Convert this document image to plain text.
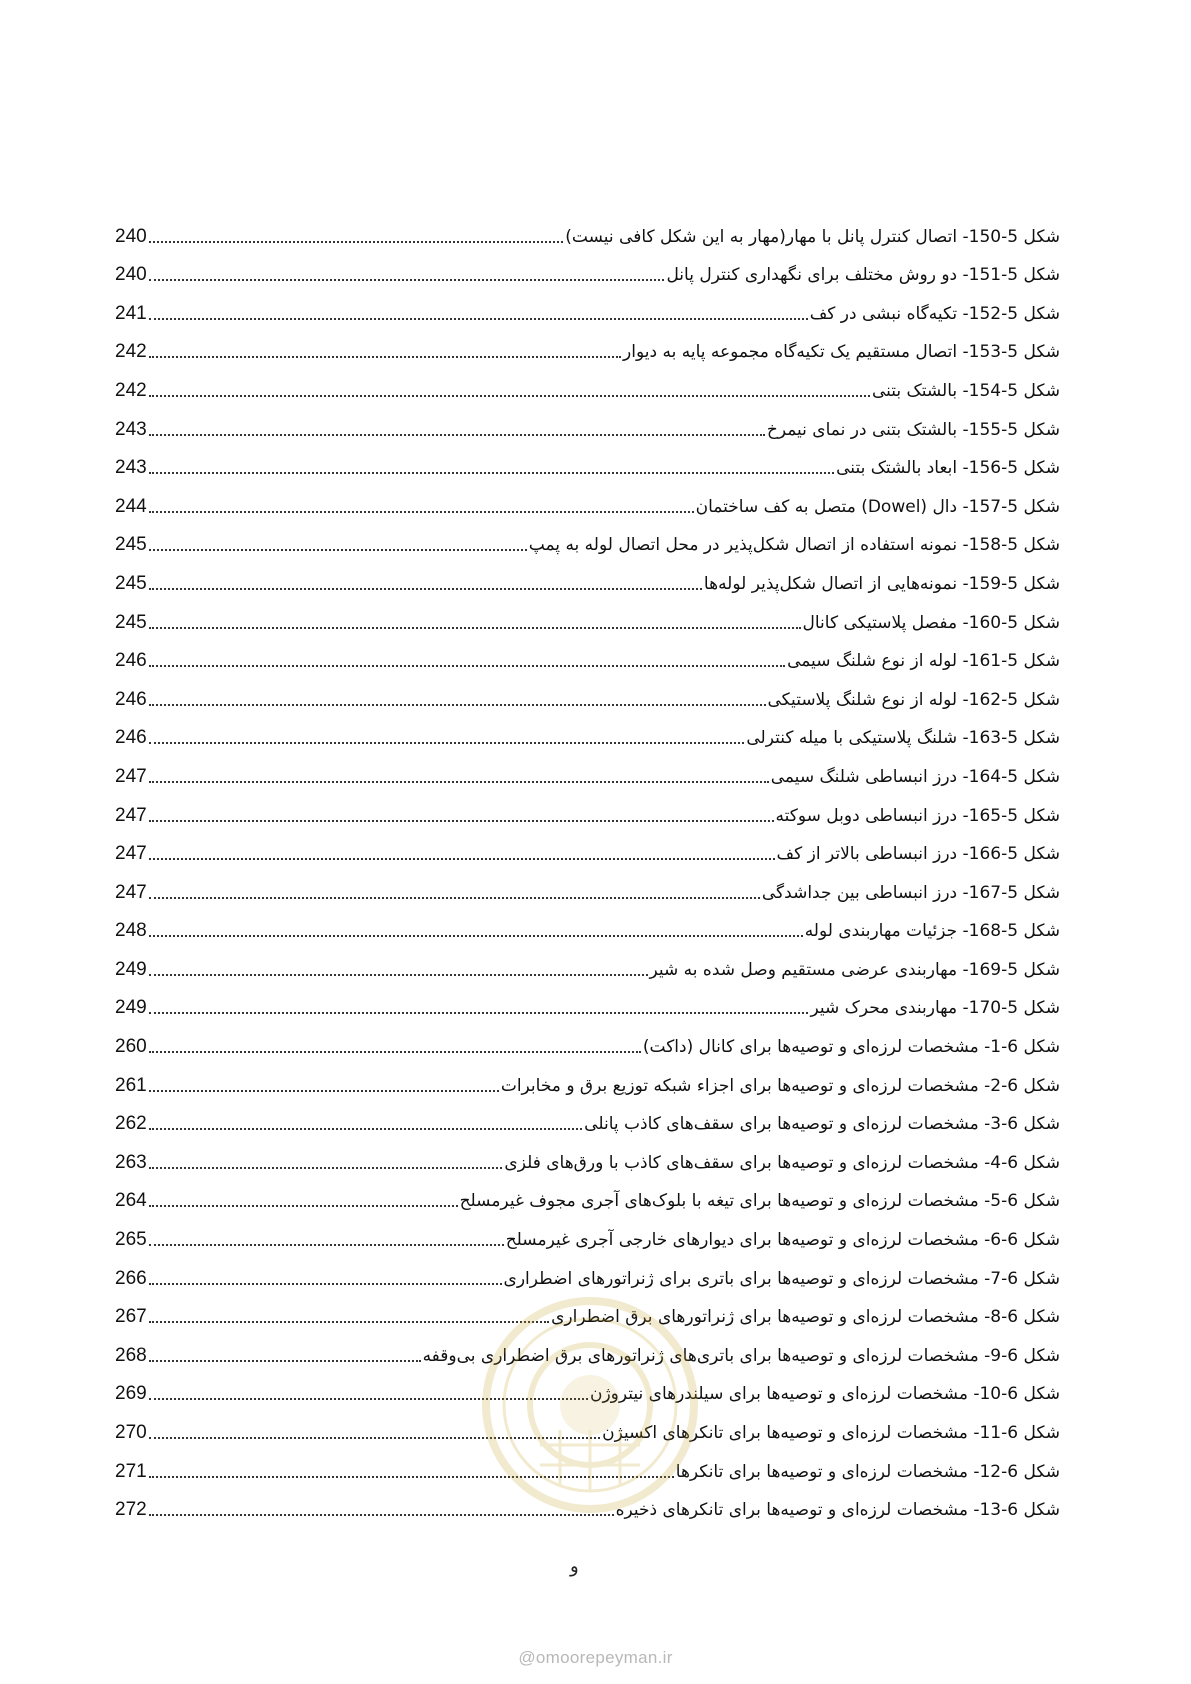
شکل 5-150- اتصال کنترل پانل با مهار(مهار به این شکل کافی نیست)
240
شکل 5-151- دو روش مختلف برای نگهداری کنترل پانل
240
شکل 5-152- تکیه‌گاه نبشی در کف
241
شکل 5-153- اتصال مستقیم یک تکیه‌گاه مجموعه پایه به دیوار
242
شکل 5-154- بالشتک بتنی
242
شکل 5-155- بالشتک بتنی در نمای نیمرخ
243
شکل 5-156- ابعاد بالشتک بتنی
243
شکل 5-157- دال (Dowel) متصل به کف ساختمان
244
شکل 5-158- نمونه استفاده از اتصال شکل‌پذیر در محل اتصال لوله به پمپ
245
شکل 5-159- نمونه‌هایی از اتصال شکل‌پذیر لوله‌ها
245
شکل 5-160- مفصل پلاستیکی کانال
245
شکل 5-161- لوله از نوع شلنگ سیمی
246
شکل 5-162- لوله از نوع شلنگ پلاستیکی
246
شکل 5-163- شلنگ پلاستیکی با میله کنترلی
246
شکل 5-164- درز انبساطی شلنگ سیمی
247
شکل 5-165- درز انبساطی دوبل سوکته
247
شکل 5-166- درز انبساطی بالاتر از کف
247
شکل 5-167- درز انبساطی بین جداشدگی
247
شکل 5-168- جزئیات مهاربندی لوله
248
شکل 5-169- مهاربندی عرضی مستقیم وصل شده به شیر
249
شکل 5-170- مهاربندی محرک شیر
249
شکل 6-1- مشخصات لرزه‌ای و توصیه‌ها برای کانال (داکت)
260
شکل 6-2- مشخصات لرزه‌ای و توصیه‌ها برای اجزاء شبکه توزیع برق و مخابرات
261
شکل 6-3- مشخصات لرزه‌ای و توصیه‌ها برای سقف‌های کاذب پانلی
262
شکل 6-4- مشخصات لرزه‌ای و توصیه‌ها برای سقف‌های کاذب با ورق‌های فلزی
263
شکل 6-5- مشخصات لرزه‌ای و توصیه‌ها برای تیغه با بلوک‌های آجری مجوف غیرمسلح
264
شکل 6-6- مشخصات لرزه‌ای و توصیه‌ها برای دیوارهای خارجی آجری غیرمسلح
265
شکل 6-7- مشخصات لرزه‌ای و توصیه‌ها برای باتری برای ژنراتورهای اضطراری
266
شکل 6-8- مشخصات لرزه‌ای و توصیه‌ها برای ژنراتورهای برق اضطراری
267
شکل 6-9- مشخصات لرزه‌ای و توصیه‌ها برای باتری‌های ژنراتورهای برق اضطراری بی‌وقفه
268
شکل 6-10- مشخصات لرزه‌ای و توصیه‌ها برای سیلندرهای نیتروژن
269
شکل 6-11- مشخصات لرزه‌ای و توصیه‌ها برای تانکرهای اکسیژن
270
شکل 6-12- مشخصات لرزه‌ای و توصیه‌ها برای تانکرها
271
شکل 6-13- مشخصات لرزه‌ای و توصیه‌ها برای تانکرهای ذخیره
272
و
@omoorepeyman.ir
